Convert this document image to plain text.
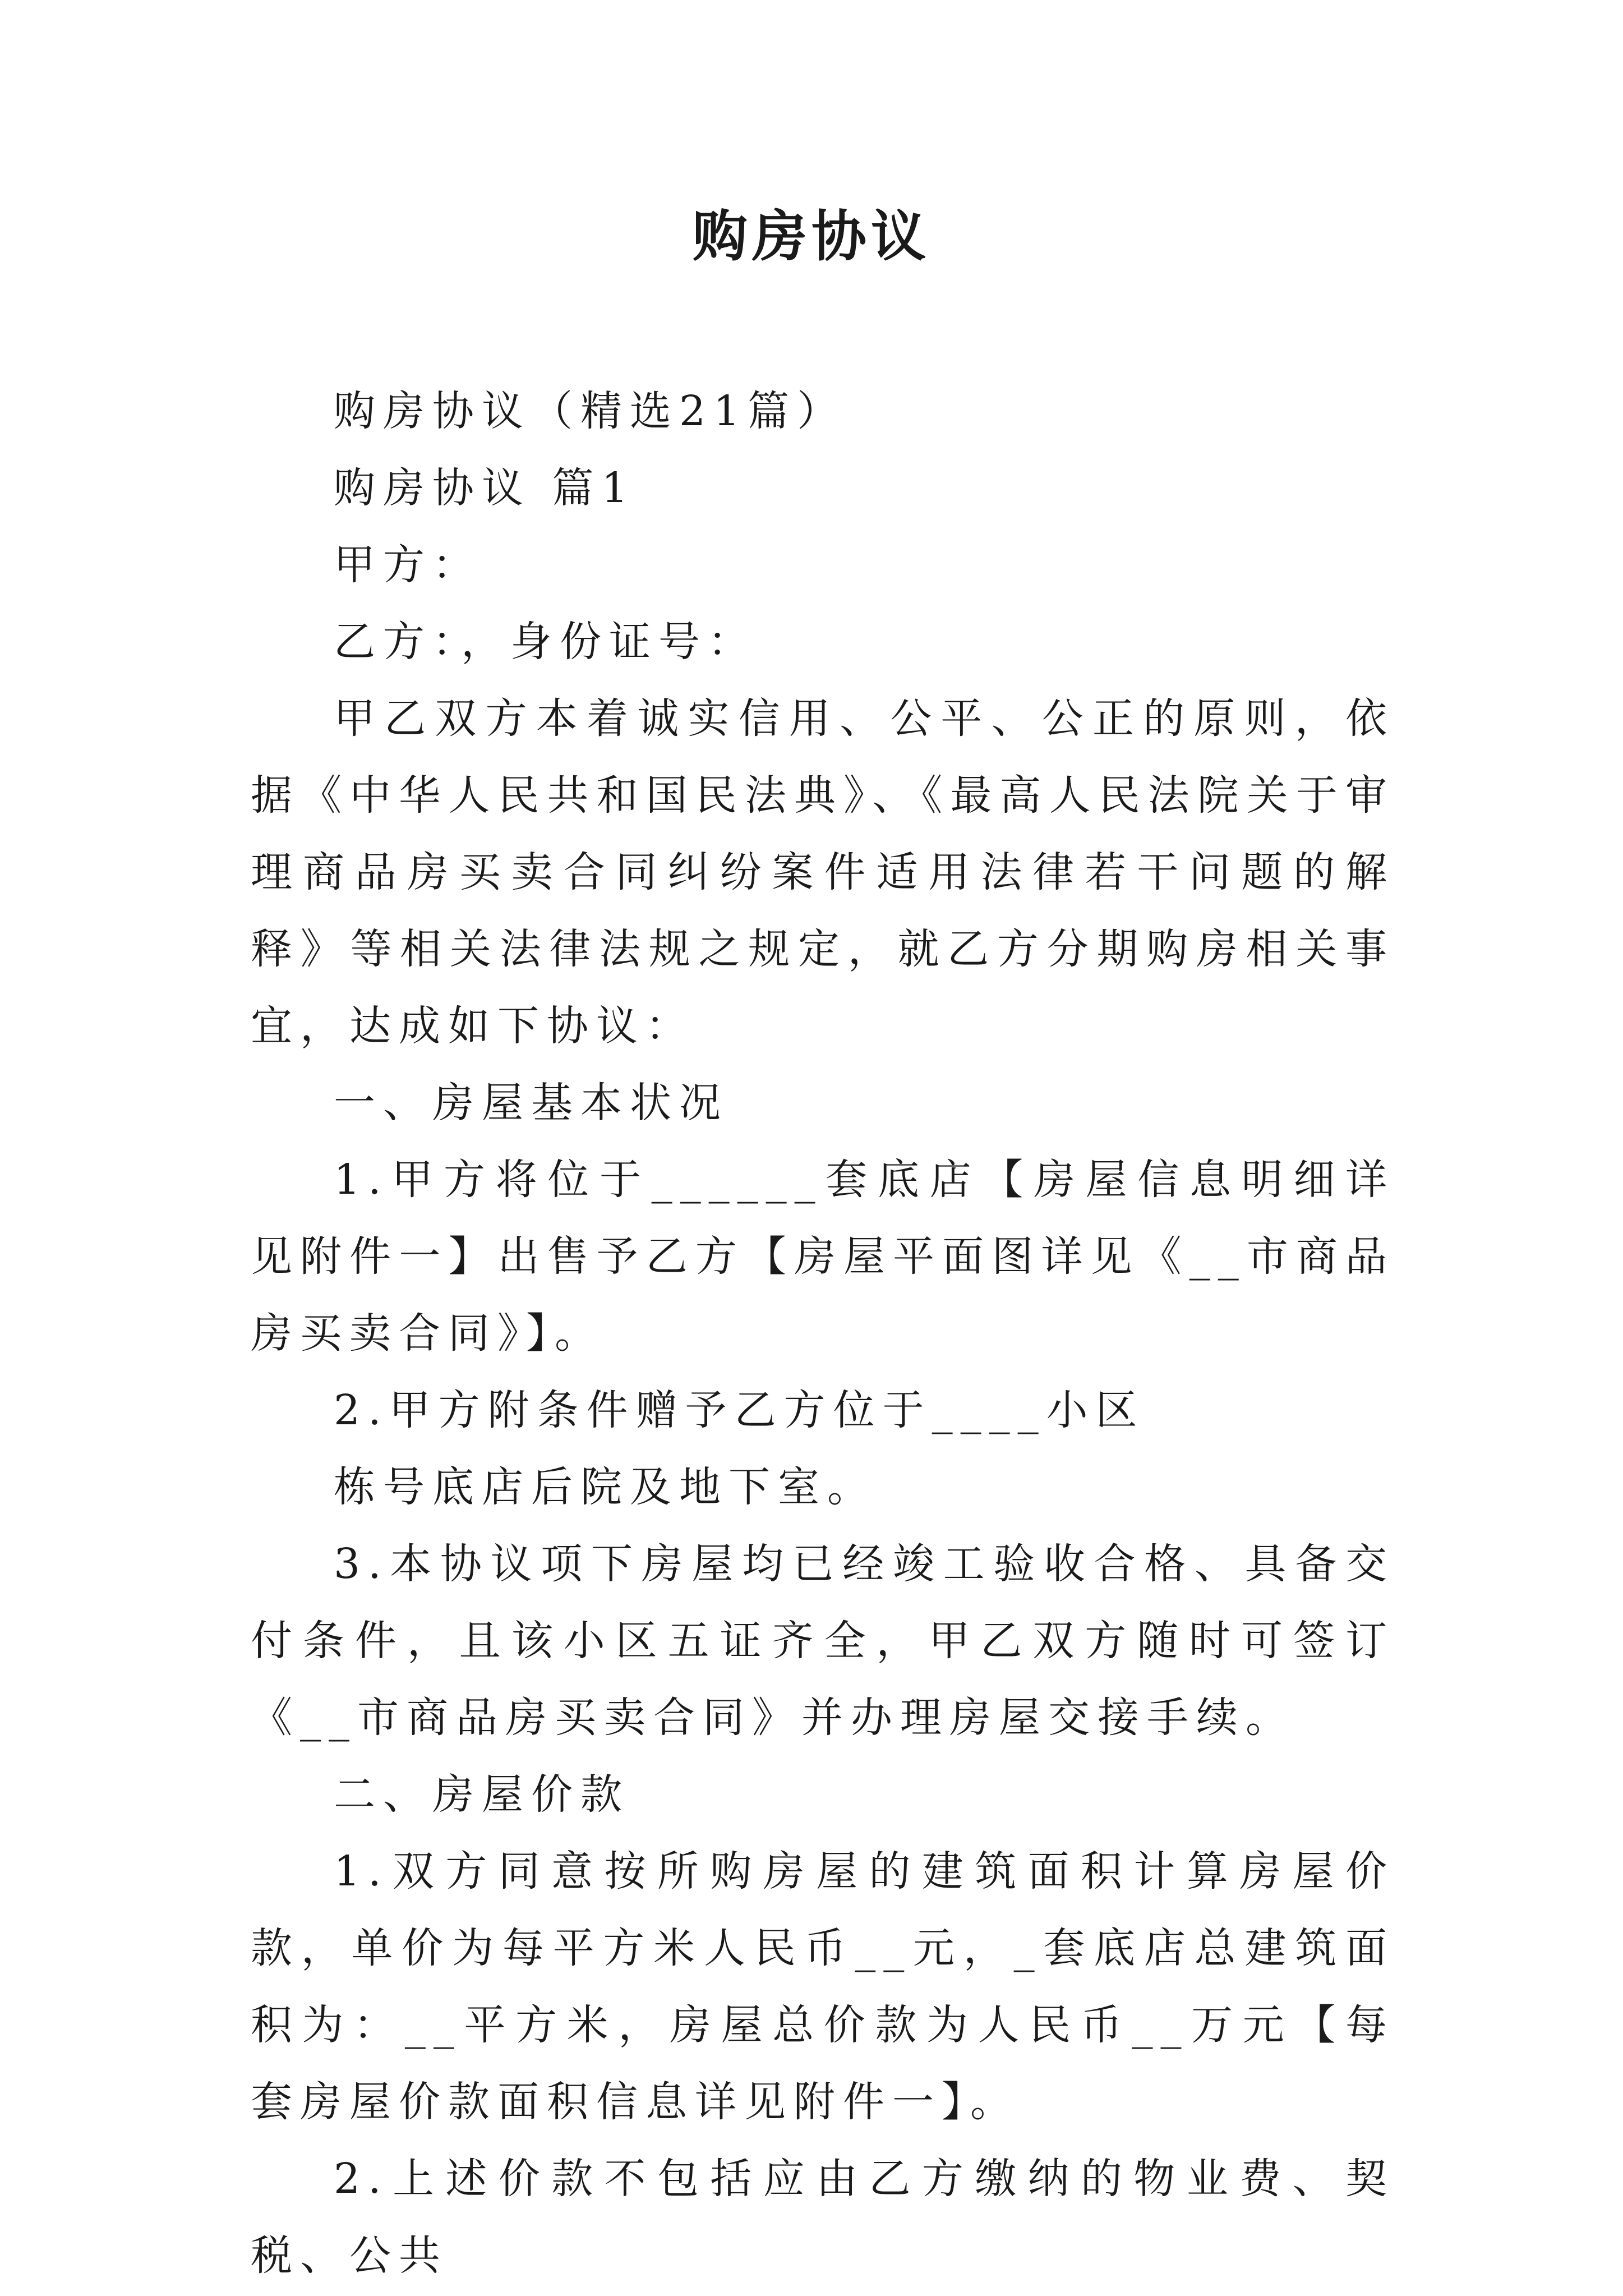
购房协议

购房协议（精选21篇）

购房协议 篇1

甲方：

乙方：，身份证号：

甲乙双方本着诚实信用、公平、公正的原则，依据《中华人民共和国民法典》、《最高人民法院关于审理商品房买卖合同纠纷案件适用法律若干问题的解释》等相关法律法规之规定，就乙方分期购房相关事宜，达成如下协议：

一、房屋基本状况

1.甲方将位于______套底店【房屋信息明细详见附件一】出售予乙方【房屋平面图详见《__市商品房买卖合同》】。

2.甲方附条件赠予乙方位于____小区

栋号底店后院及地下室。

3.本协议项下房屋均已经竣工验收合格、具备交付条件，且该小区五证齐全，甲乙双方随时可签订《__市商品房买卖合同》并办理房屋交接手续。

二、房屋价款

1.双方同意按所购房屋的建筑面积计算房屋价款，单价为每平方米人民币__元，_套底店总建筑面积为：__平方米，房屋总价款为人民币__万元【每套房屋价款面积信息详见附件一】。

2.上述价款不包括应由乙方缴纳的物业费、契税、公共
